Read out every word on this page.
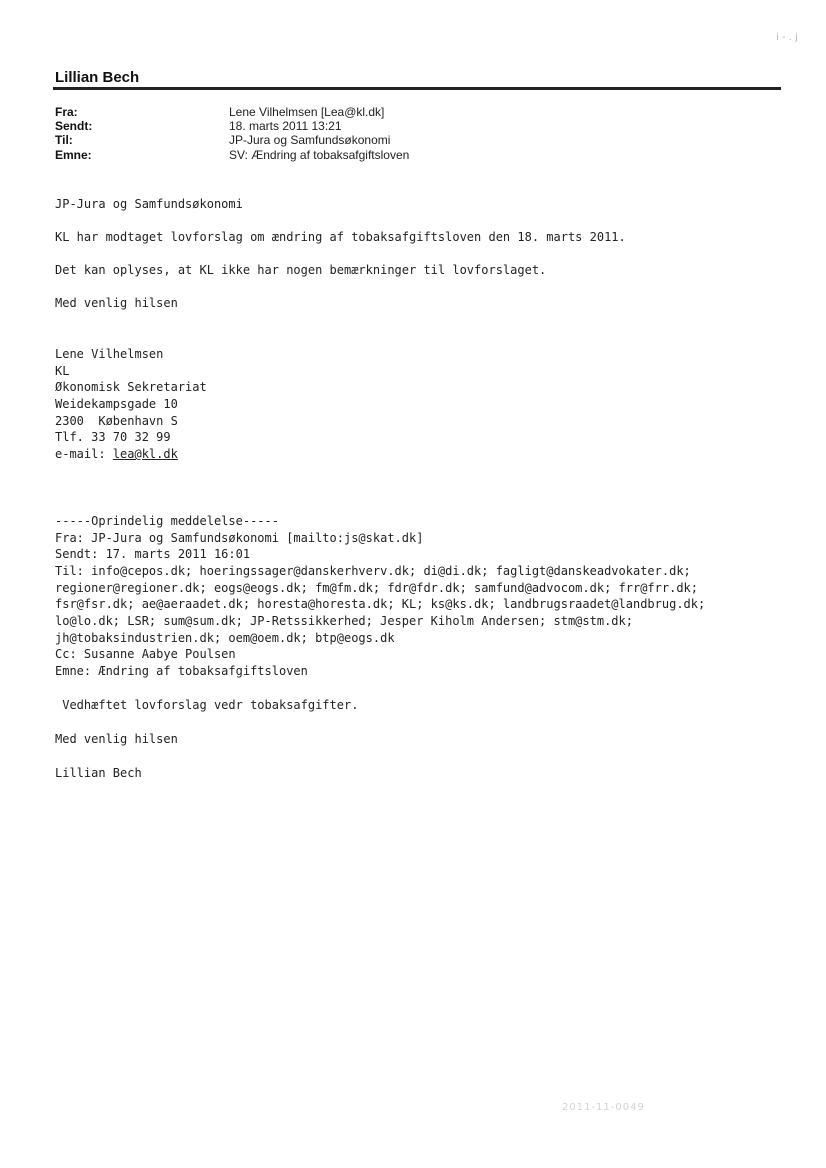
Lillian Bech
Fra:	Lene Vilhelmsen [Lea@kl.dk]
Sendt:	18. marts 2011 13:21
Til:	JP-Jura og Samfundsøkonomi
Emne:	SV: Ændring af tobaksafgiftsloven
JP-Jura og Samfundsøkonomi
KL har modtaget lovforslag om ændring af tobaksafgiftsloven den 18. marts 2011.
Det kan oplyses, at KL ikke har nogen bemærkninger til lovforslaget.
Med venlig hilsen
Lene Vilhelmsen
KL
Økonomisk Sekretariat
Weidekampsgade 10
2300  København S
Tlf. 33 70 32 99
e-mail: lea@kl.dk
-----Oprindelig meddelelse-----
Fra: JP-Jura og Samfundsøkonomi [mailto:js@skat.dk]
Sendt: 17. marts 2011 16:01
Til: info@cepos.dk; hoeringssager@danskerhverv.dk; di@di.dk; fagligt@danskeadvokater.dk;
regioner@regioner.dk; eogs@eogs.dk; fm@fm.dk; fdr@fdr.dk; samfund@advocom.dk; frr@frr.dk;
fsr@fsr.dk; ae@aeraadet.dk; horesta@horesta.dk; KL; ks@ks.dk; landbrugsraadet@landbrug.dk;
lo@lo.dk; LSR; sum@sum.dk; JP-Retssikkerhed; Jesper Kiholm Andersen; stm@stm.dk;
jh@tobaksindustrien.dk; oem@oem.dk; btp@eogs.dk
Cc: Susanne Aabye Poulsen
Emne: Ændring af tobaksafgiftsloven
Vedhæftet lovforslag vedr tobaksafgifter.
Med venlig hilsen
Lillian Bech
i - . j
2011-11-0049
